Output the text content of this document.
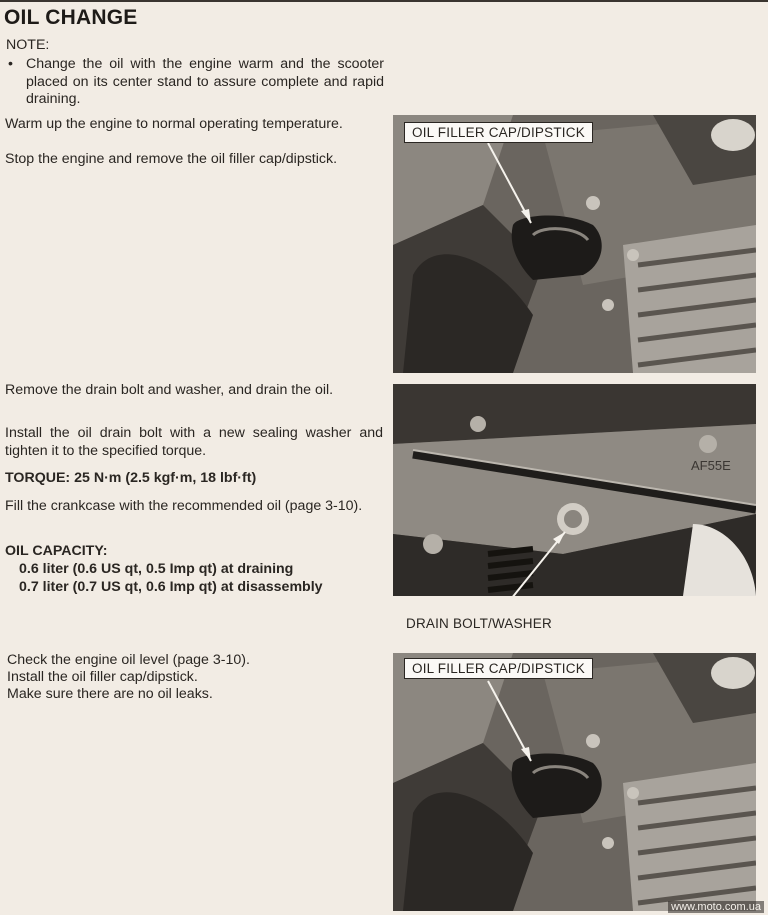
OIL CHANGE
NOTE:
• Change the oil with the engine warm and the scooter placed on its center stand to assure complete and rapid draining.
Warm up the engine to normal operating temperature.
Stop the engine and remove the oil filler cap/dipstick.
Remove the drain bolt and washer, and drain the oil.
Install the oil drain bolt with a new sealing washer and tighten it to the specified torque.
TORQUE: 25 N·m (2.5 kgf·m, 18 lbf·ft)
Fill the crankcase with the recommended oil (page 3-10).
OIL CAPACITY:
0.6 liter (0.6 US qt, 0.5 Imp qt) at draining
0.7 liter (0.7 US qt, 0.6 Imp qt) at disassembly
Check the engine oil level (page 3-10).
Install the oil filler cap/dipstick.
Make sure there are no oil leaks.
OIL FILLER CAP/DIPSTICK
AF55E
DRAIN BOLT/WASHER
OIL FILLER CAP/DIPSTICK
www.moto.com.ua
